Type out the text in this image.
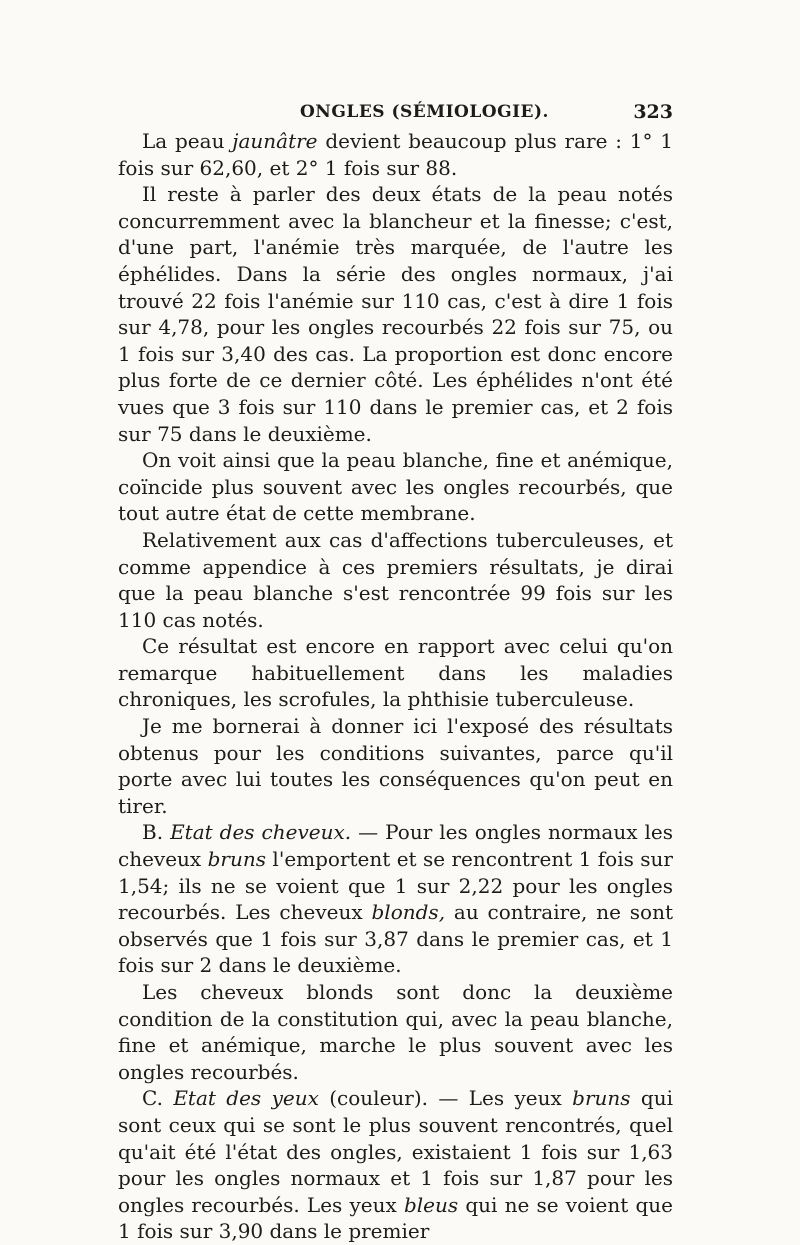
ONGLES (SÉMIOLOGIE).	323

La peau jaunâtre devient beaucoup plus rare : 1° 1 fois sur 62,60, et 2° 1 fois sur 88.

Il reste à parler des deux états de la peau notés concurremment avec la blancheur et la finesse; c'est, d'une part, l'anémie très marquée, de l'autre les éphélides. Dans la série des ongles normaux, j'ai trouvé 22 fois l'anémie sur 110 cas, c'est à dire 1 fois sur 4,78, pour les ongles recourbés 22 fois sur 75, ou 1 fois sur 3,40 des cas. La proportion est donc encore plus forte de ce dernier côté. Les éphélides n'ont été vues que 3 fois sur 110 dans le premier cas, et 2 fois sur 75 dans le deuxième.

On voit ainsi que la peau blanche, fine et anémique, coïncide plus souvent avec les ongles recourbés, que tout autre état de cette membrane.

Relativement aux cas d'affections tuberculeuses, et comme appendice à ces premiers résultats, je dirai que la peau blanche s'est rencontrée 99 fois sur les 110 cas notés.

Ce résultat est encore en rapport avec celui qu'on remarque habituellement dans les maladies chroniques, les scrofules, la phthisie tuberculeuse.

Je me bornerai à donner ici l'exposé des résultats obtenus pour les conditions suivantes, parce qu'il porte avec lui toutes les conséquences qu'on peut en tirer.

B. Etat des cheveux. — Pour les ongles normaux les cheveux bruns l'emportent et se rencontrent 1 fois sur 1,54; ils ne se voient que 1 sur 2,22 pour les ongles recourbés. Les cheveux blonds, au contraire, ne sont observés que 1 fois sur 3,87 dans le premier cas, et 1 fois sur 2 dans le deuxième.

Les cheveux blonds sont donc la deuxième condition de la constitution qui, avec la peau blanche, fine et anémique, marche le plus souvent avec les ongles recourbés.

C. Etat des yeux (couleur). — Les yeux bruns qui sont ceux qui se sont le plus souvent rencontrés, quel qu'ait été l'état des ongles, existaient 1 fois sur 1,63 pour les ongles normaux et 1 fois sur 1,87 pour les ongles recourbés. Les yeux bleus qui ne se voient que 1 fois sur 3,90 dans le premier
